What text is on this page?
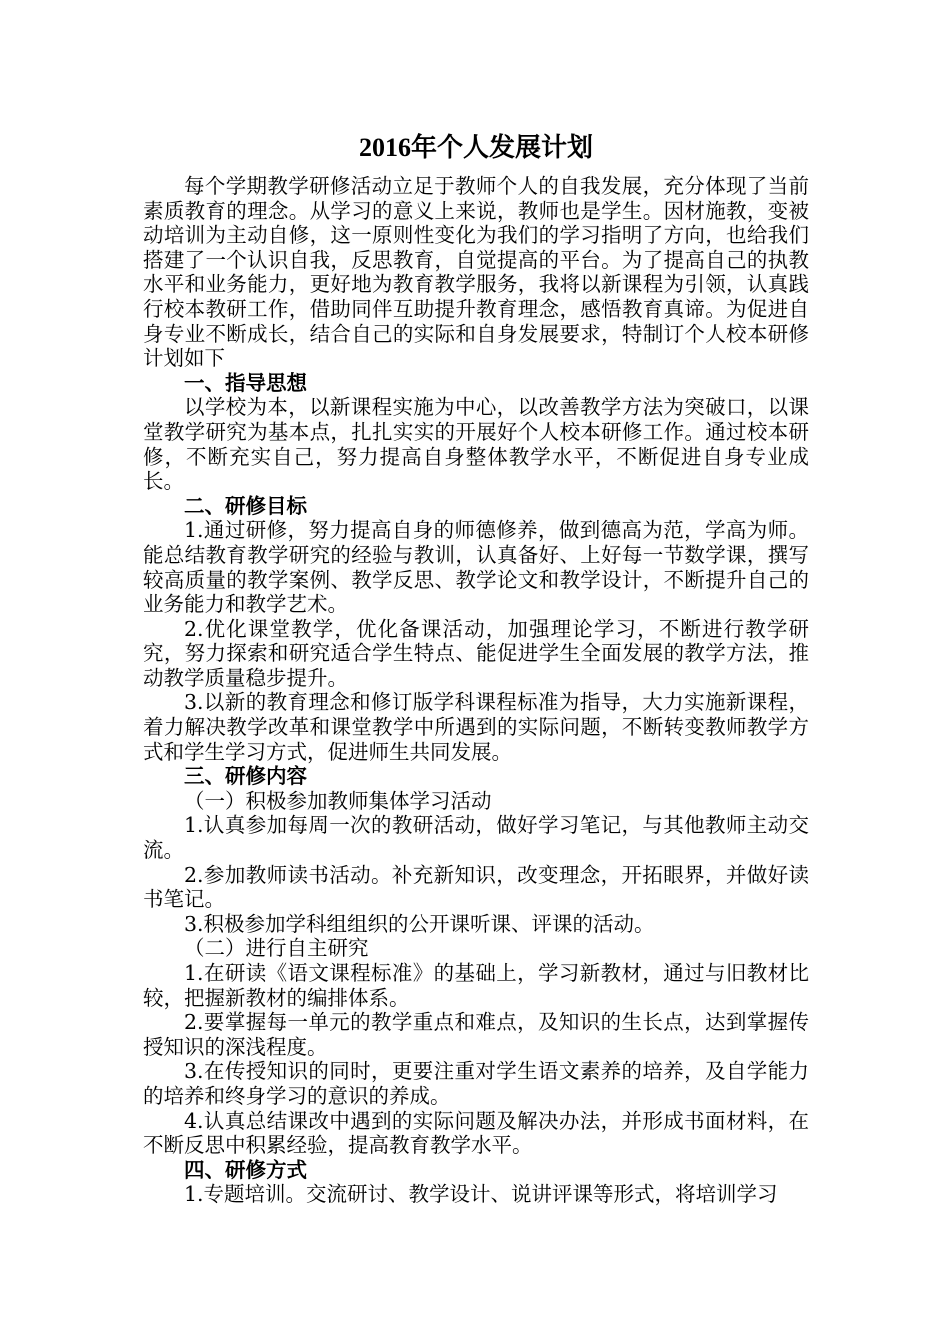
2016年个人发展计划

每个学期教学研修活动立足于教师个人的自我发展，充分体现了当前素质教育的理念。从学习的意义上来说，教师也是学生。因材施教，变被动培训为主动自修，这一原则性变化为我们的学习指明了方向，也给我们搭建了一个认识自我，反思教育，自觉提高的平台。为了提高自己的执教水平和业务能力，更好地为教育教学服务，我将以新课程为引领，认真践行校本教研工作，借助同伴互助提升教育理念，感悟教育真谛。为促进自身专业不断成长，结合自己的实际和自身发展要求，特制订个人校本研修计划如下

一、指导思想

以学校为本，以新课程实施为中心，以改善教学方法为突破口，以课堂教学研究为基本点，扎扎实实的开展好个人校本研修工作。通过校本研修，不断充实自己，努力提高自身整体教学水平，不断促进自身专业成长。

二、研修目标

1.通过研修，努力提高自身的师德修养，做到德高为范，学高为师。能总结教育教学研究的经验与教训，认真备好、上好每一节数学课，撰写较高质量的教学案例、教学反思、教学论文和教学设计，不断提升自己的业务能力和教学艺术。

2.优化课堂教学，优化备课活动，加强理论学习，不断进行教学研究，努力探索和研究适合学生特点、能促进学生全面发展的教学方法，推动教学质量稳步提升。

3.以新的教育理念和修订版学科课程标准为指导，大力实施新课程，着力解决教学改革和课堂教学中所遇到的实际问题，不断转变教师教学方式和学生学习方式，促进师生共同发展。

三、研修内容

（一）积极参加教师集体学习活动

1.认真参加每周一次的教研活动，做好学习笔记，与其他教师主动交流。

2.参加教师读书活动。补充新知识，改变理念，开拓眼界，并做好读书笔记。

3.积极参加学科组组织的公开课听课、评课的活动。

（二）进行自主研究

1.在研读《语文课程标准》的基础上，学习新教材，通过与旧教材比较，把握新教材的编排体系。

2.要掌握每一单元的教学重点和难点，及知识的生长点，达到掌握传授知识的深浅程度。

3.在传授知识的同时，更要注重对学生语文素养的培养，及自学能力的培养和终身学习的意识的养成。

4.认真总结课改中遇到的实际问题及解决办法，并形成书面材料，在不断反思中积累经验，提高教育教学水平。

四、研修方式

1.专题培训。交流研讨、教学设计、说讲评课等形式，将培训学习
